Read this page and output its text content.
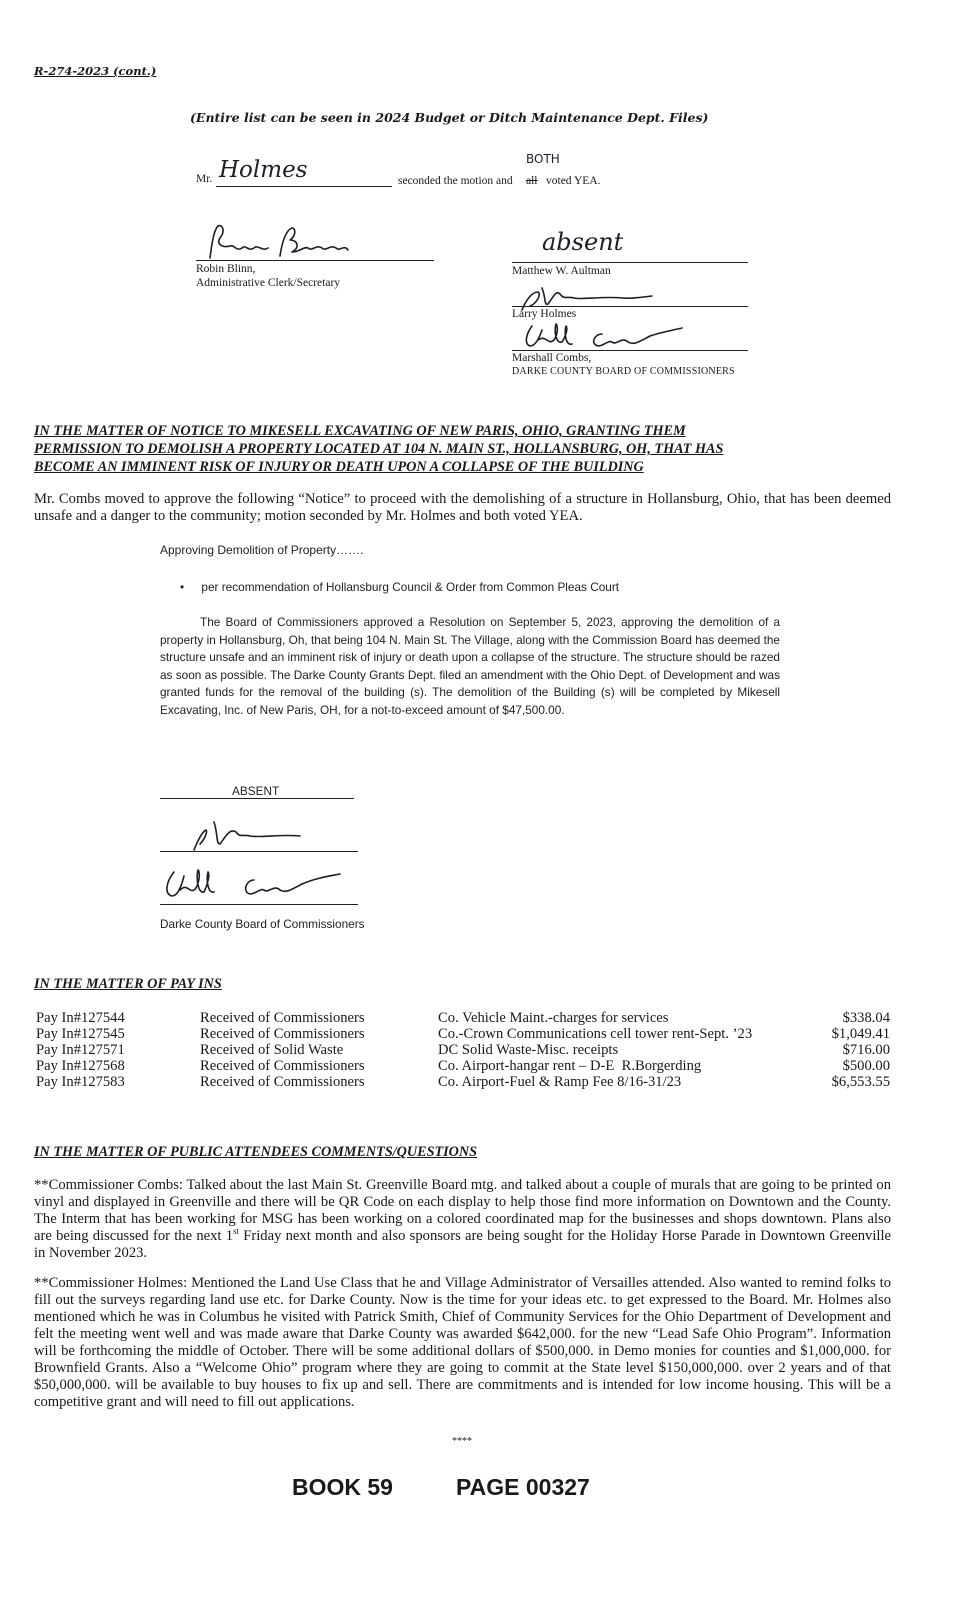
R-274-2023 (cont.)
(Entire list can be seen in 2024 Budget or Ditch Maintenance Dept. Files)
Mr. Holmes	seconded the motion and all
BOTH
voted YEA.
Robin Blinn,
Administrative Clerk/Secretary
absent
Matthew W. Aultman
Larry Holmes
Marshall Combs,
DARKE COUNTY BOARD OF COMMISSIONERS
IN THE MATTER OF NOTICE TO MIKESELL EXCAVATING OF NEW PARIS, OHIO, GRANTING THEM
PERMISSION TO DEMOLISH A PROPERTY LOCATED AT 104 N. MAIN ST., HOLLANSBURG, OH, THAT HAS
BECOME AN IMMINENT RISK OF INJURY OR DEATH UPON A COLLAPSE OF THE BUILDING
Mr. Combs moved to approve the following “Notice” to proceed with the demolishing of a structure in Hollansburg, Ohio, that has been deemed unsafe and a danger to the community; motion seconded by Mr. Holmes and both voted YEA.
Approving Demolition of Property…….
• per recommendation of Hollansburg Council & Order from Common Pleas Court
The Board of Commissioners approved a Resolution on September 5, 2023, approving the demolition of a property in Hollansburg, Oh, that being 104 N. Main St. The Village, along with the Commission Board has deemed the structure unsafe and an imminent risk of injury or death upon a collapse of the structure. The structure should be razed as soon as possible. The Darke County Grants Dept. filed an amendment with the Ohio Dept. of Development and was granted funds for the removal of the building (s). The demolition of the Building (s) will be completed by Mikesell Excavating, Inc. of New Paris, OH, for a not-to-exceed amount of $47,500.00.
ABSENT
Darke County Board of Commissioners
IN THE MATTER OF PAY INS
Pay In#127544	Received of Commissioners	Co. Vehicle Maint.-charges for services	$338.04
Pay In#127545	Received of Commissioners	Co.-Crown Communications cell tower rent-Sept. ’23	$1,049.41
Pay In#127571	Received of Solid Waste	DC Solid Waste-Misc. receipts	$716.00
Pay In#127568	Received of Commissioners	Co. Airport-hangar rent – D-E  R.Borgerding	$500.00
Pay In#127583	Received of Commissioners	Co. Airport-Fuel & Ramp Fee 8/16-31/23	$6,553.55
IN THE MATTER OF PUBLIC ATTENDEES COMMENTS/QUESTIONS
**Commissioner Combs: Talked about the last Main St. Greenville Board mtg. and talked about a couple of murals that are going to be printed on vinyl and displayed in Greenville and there will be QR Code on each display to help those find more information on Downtown and the County. The Interm that has been working for MSG has been working on a colored coordinated map for the businesses and shops downtown. Plans also are being discussed for the next 1st Friday next month and also sponsors are being sought for the Holiday Horse Parade in Downtown Greenville in November 2023.
**Commissioner Holmes: Mentioned the Land Use Class that he and Village Administrator of Versailles attended. Also wanted to remind folks to fill out the surveys regarding land use etc. for Darke County. Now is the time for your ideas etc. to get expressed to the Board. Mr. Holmes also mentioned which he was in Columbus he visited with Patrick Smith, Chief of Community Services for the Ohio Department of Development and felt the meeting went well and was made aware that Darke County was awarded $642,000. for the new “Lead Safe Ohio Program”. Information will be forthcoming the middle of October. There will be some additional dollars of $500,000. in Demo monies for counties and $1,000,000. for Brownfield Grants. Also a “Welcome Ohio” program where they are going to commit at the State level $150,000,000. over 2 years and of that $50,000,000. will be available to buy houses to fix up and sell. There are commitments and is intended for low income housing. This will be a competitive grant and will need to fill out applications.
****
BOOK 59	PAGE 00327
